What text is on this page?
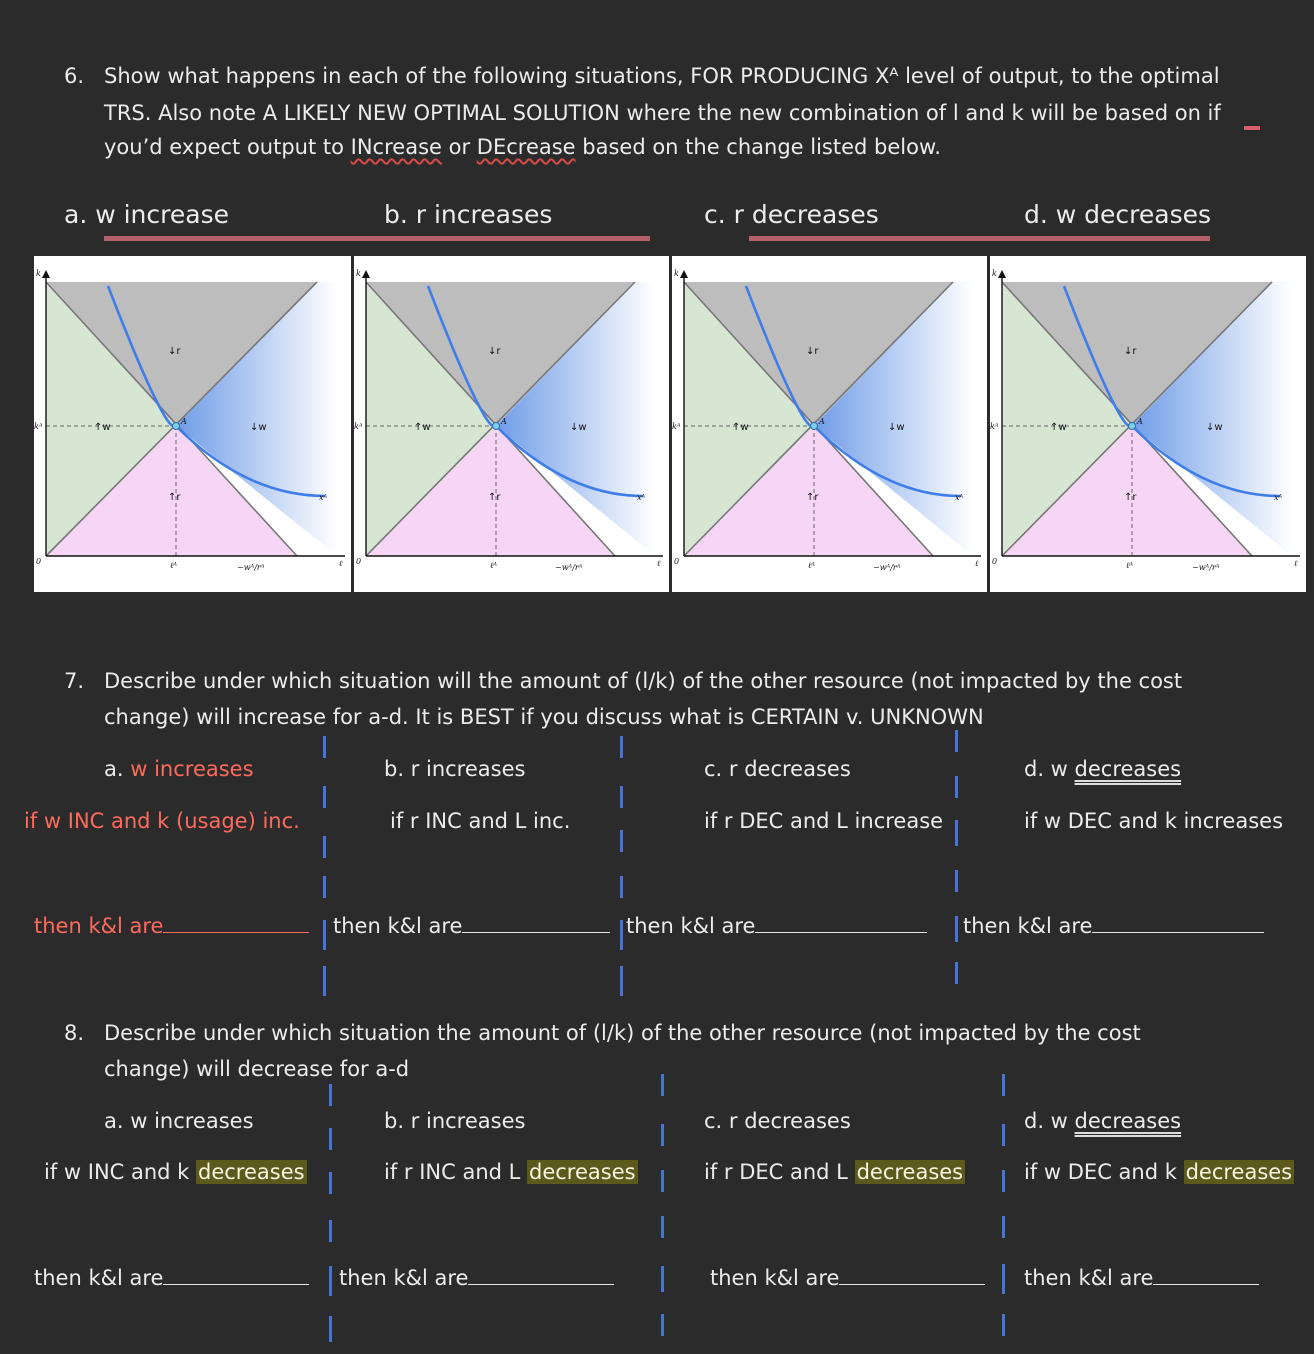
6. Show what happens in each of the following situations, FOR PRODUCING Xᴬ level of output, to the optimal
TRS. Also note A LIKELY NEW OPTIMAL SOLUTION where the new combination of l and k will be based on if
you’d expect output to INcrease or DEcrease based on the change listed below.
a. w increase	b. r increases	c. r decreases	d. w decreases
k
ℓ
0
kᴬ
ℓᴬ
A
xᴬ
−wᴬ/rᴬ
↓r
↑w	↓w
↑r
k
ℓ
0
kᴬ
ℓᴬ
A
xᴬ
−wᴬ/rᴬ
↓r
↑w	↓w
↑r
k
ℓ
0
kᴬ
ℓᴬ
A
xᴬ
−wᴬ/rᴬ
↓r
↑w	↓w
↑r
k
ℓ
0
kᴬ
ℓᴬ
A
xᴬ
−wᴬ/rᴬ
↓r
↑w	↓w
↑r
7. Describe under which situation will the amount of (l/k) of the other resource (not impacted by the cost
change) will increase for a-d. It is BEST if you discuss what is CERTAIN v. UNKNOWN
a. w increases	b. r increases	c. r decreases	d. w decreases
if w INC and k (usage) inc.	if r INC and L inc.	if r DEC and L increase	if w DEC and k increases
then k&l are	then k&l are	then k&l are	then k&l are
8. Describe under which situation the amount of (l/k) of the other resource (not impacted by the cost
change) will decrease for a-d
a. w increases	b. r increases	c. r decreases	d. w decreases
if w INC and k decreases	if r INC and L decreases	if r DEC and L decreases	if w DEC and k decreases
then k&l are	then k&l are	then k&l are	then k&l are
